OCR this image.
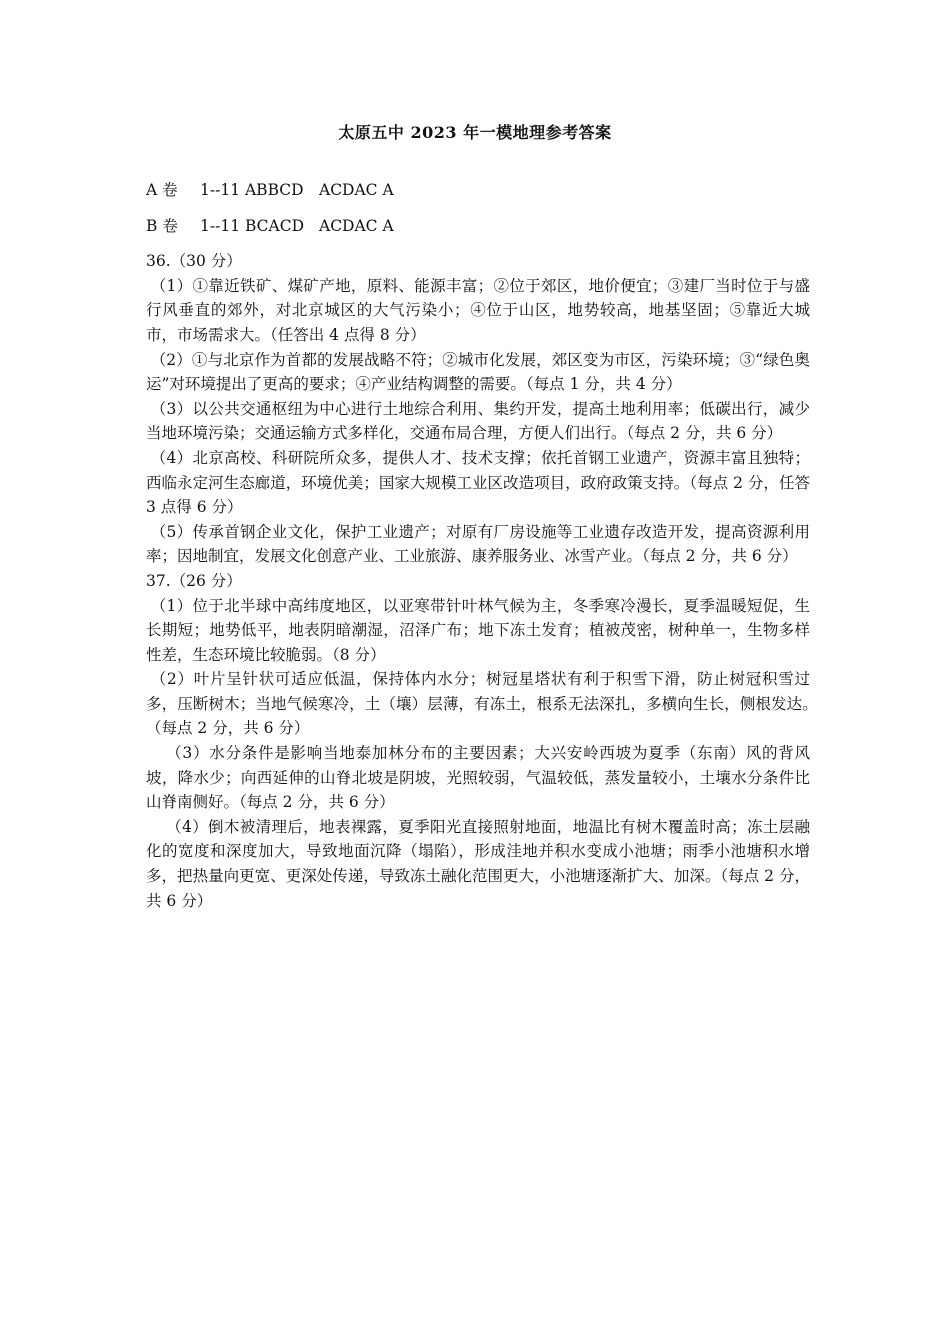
太原五中 2023 年一模地理参考答案
A 卷 1--11 ABBCD ACDAC A
B 卷 1--11 BCACD ACDAC A

36.（30 分）

（1）①靠近铁矿、煤矿产地，原料、能源丰富；②位于郊区，地价便宜；③建厂当时位于与盛行风垂直的郊外，对北京城区的大气污染小；④位于山区，地势较高，地基坚固；⑤靠近大城市，市场需求大。（任答出 4 点得 8 分）

（2）①与北京作为首都的发展战略不符；②城市化发展，郊区变为市区，污染环境；③“绿色奥运”对环境提出了更高的要求；④产业结构调整的需要。（每点 1 分，共 4 分）

（3）以公共交通枢纽为中心进行土地综合利用、集约开发，提高土地利用率；低碳出行，减少当地环境污染；交通运输方式多样化，交通布局合理，方便人们出行。（每点 2 分，共 6 分）

（4）北京高校、科研院所众多，提供人才、技术支撑；依托首钢工业遗产，资源丰富且独特；西临永定河生态廊道，环境优美；国家大规模工业区改造项目，政府政策支持。（每点 2 分，任答 3 点得 6 分）

（5）传承首钢企业文化，保护工业遗产；对原有厂房设施等工业遗存改造开发，提高资源利用率；因地制宜，发展文化创意产业、工业旅游、康养服务业、冰雪产业。（每点 2 分，共 6 分）

37.（26 分）

（1）位于北半球中高纬度地区，以亚寒带针叶林气候为主，冬季寒冷漫长，夏季温暖短促，生长期短；地势低平，地表阴暗潮湿，沼泽广布；地下冻土发育；植被茂密，树种单一，生物多样性差，生态环境比较脆弱。（8 分）

（2）叶片呈针状可适应低温，保持体内水分；树冠星塔状有利于积雪下滑，防止树冠积雪过多，压断树木；当地气候寒冷，土（壤）层薄，有冻土，根系无法深扎，多横向生长，侧根发达。　（每点 2 分，共 6 分）

（3）水分条件是影响当地泰加林分布的主要因素；大兴安岭西坡为夏季（东南）风的背风坡，降水少；向西延伸的山脊北坡是阴坡，光照较弱，气温较低，蒸发量较小，土壤水分条件比山脊南侧好。（每点 2 分，共 6 分）

（4）倒木被清理后，地表裸露，夏季阳光直接照射地面，地温比有树木覆盖时高；冻土层融化的宽度和深度加大，导致地面沉降（塌陷），形成洼地并积水变成小池塘；雨季小池塘积水增多，把热量向更宽、更深处传递，导致冻土融化范围更大，小池塘逐渐扩大、加深。（每点 2 分，共 6 分）
